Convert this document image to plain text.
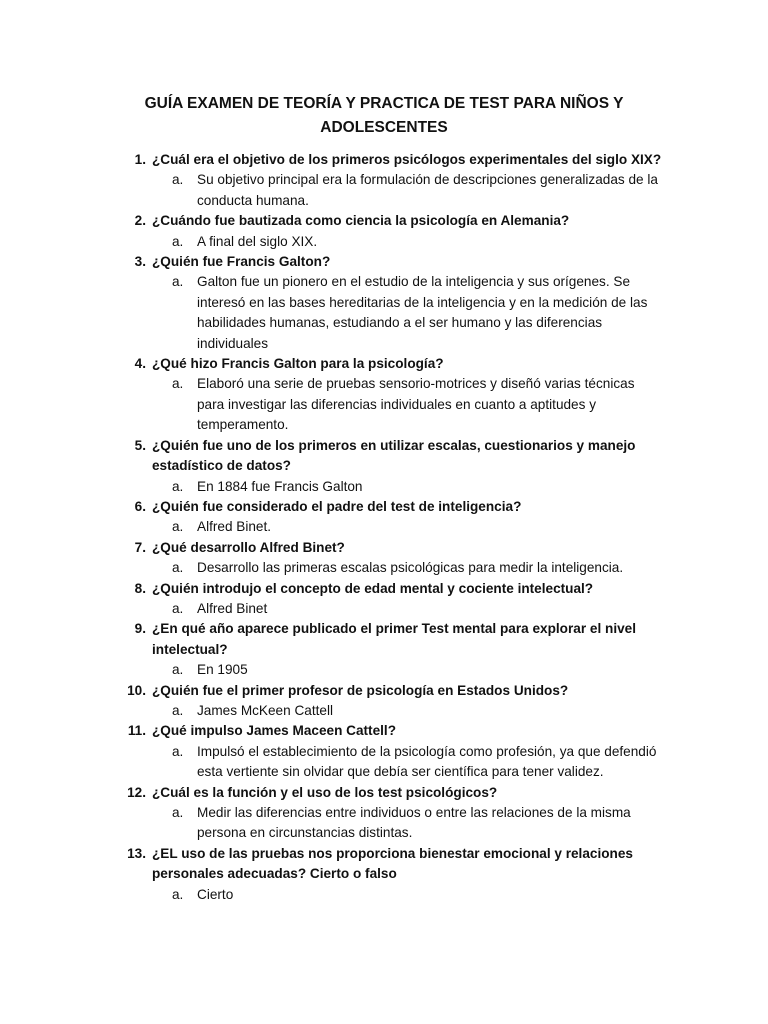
GUÍA EXAMEN DE TEORÍA Y PRACTICA DE TEST PARA NIÑOS Y
ADOLESCENTES
1. ¿Cuál era el objetivo de los primeros psicólogos experimentales del siglo XIX?
a. Su objetivo principal era la formulación de descripciones generalizadas de la conducta humana.
2. ¿Cuándo fue bautizada como ciencia la psicología en Alemania?
a. A final del siglo XIX.
3. ¿Quién fue Francis Galton?
a. Galton fue un pionero en el estudio de la inteligencia y sus orígenes. Se interesó en las bases hereditarias de la inteligencia y en la medición de las habilidades humanas, estudiando a el ser humano y las diferencias individuales
4. ¿Qué hizo Francis Galton para la psicología?
a. Elaboró una serie de pruebas sensorio-motrices y diseñó varias técnicas para investigar las diferencias individuales en cuanto a aptitudes y temperamento.
5. ¿Quién fue uno de los primeros en utilizar escalas, cuestionarios y manejo estadístico de datos?
a. En 1884 fue Francis Galton
6. ¿Quién fue considerado el padre del test de inteligencia?
a. Alfred Binet.
7. ¿Qué desarrollo Alfred Binet?
a. Desarrollo las primeras escalas psicológicas para medir la inteligencia.
8. ¿Quién introdujo el concepto de edad mental y cociente intelectual?
a. Alfred Binet
9. ¿En qué año aparece publicado el primer Test mental para explorar el nivel intelectual?
a. En 1905
10. ¿Quién fue el primer profesor de psicología en Estados Unidos?
a. James McKeen Cattell
11. ¿Qué impulso James Maceen Cattell?
a. Impulsó el establecimiento de la psicología como profesión, ya que defendió esta vertiente sin olvidar que debía ser científica para tener validez.
12. ¿Cuál es la función y el uso de los test psicológicos?
a. Medir las diferencias entre individuos o entre las relaciones de la misma persona en circunstancias distintas.
13. ¿EL uso de las pruebas nos proporciona bienestar emocional y relaciones personales adecuadas? Cierto o falso
a. Cierto
